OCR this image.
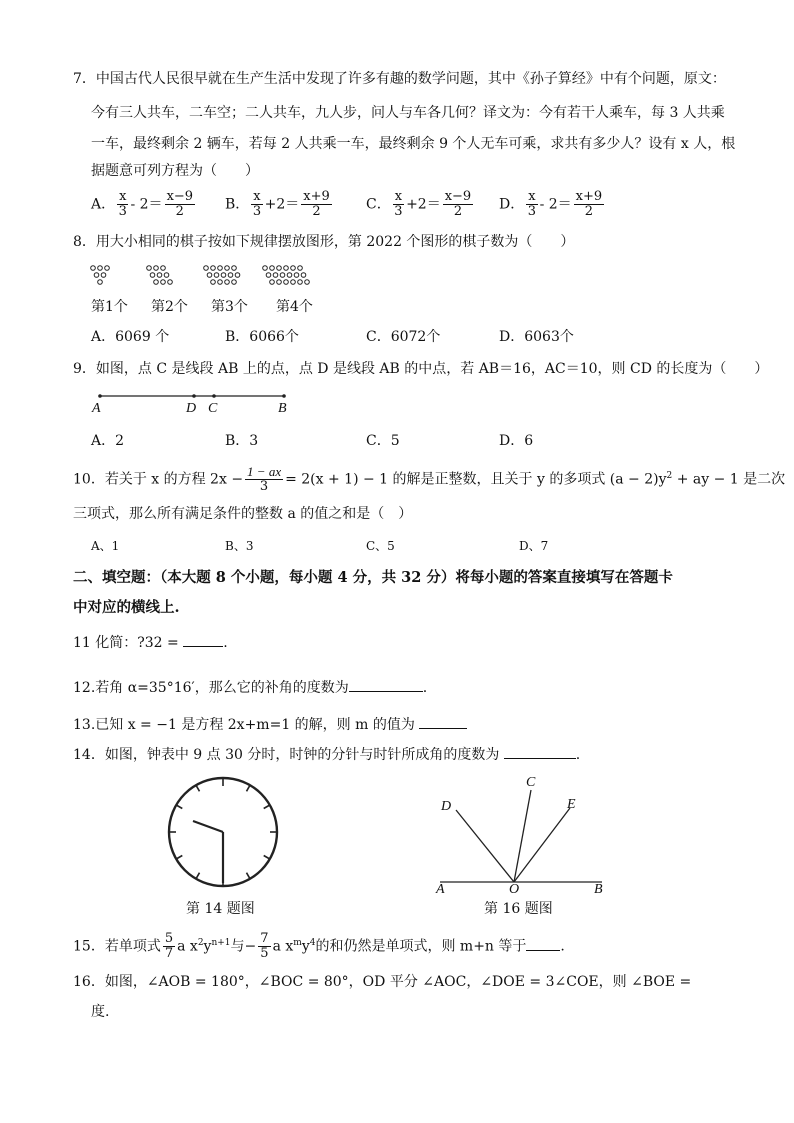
7．中国古代人民很早就在生产生活中发现了许多有趣的数学问题，其中《孙子算经》中有个问题，原文：
今有三人共车，二车空；二人共车，九人步，问人与车各几何？译文为：今有若干人乘车，每 3 人共乘
一车，最终剩余 2 辆车，若每 2 人共乘一车，最终剩余 9 个人无车可乘，求共有多少人？设有 x 人，根
据题意可列方程为（　　）
A． $\frac{x}{3} - 2= \frac{x-9}{2}$ B． $\frac{x}{3} +2= \frac{x+9}{2}$ C． $\frac{x}{3} +2= \frac{x-9}{2}$ D． $\frac{x}{3} - 2= \frac{x+9}{2}$
8．用大小相同的棋子按如下规律摆放图形，第 2022 个图形的棋子数为（　　）
第1个 第2个 第3个 第4个
A．6069 个	B．6066个	C．6072个	D．6063个
9．如图，点 C 是线段 AB 上的点，点 D 是线段 AB 的中点，若 AB＝16，AC＝10，则 CD 的长度为（　　）
A	D C	B
A．2	B．3	C．5	D．6
10．若关于 x 的方程 $2x - \frac{1 - ax}{3} = 2(x + 1) - 1$ 的解是正整数，且关于 y 的多项式 $(a - 2)y^2$ + ay − 1 是二次
三项式，那么所有满足条件的整数 a 的值之和是（　）
A、1	B、3	C、5	D、7
二、填空题：（本大题 8 个小题，每小题 4 分，共 32 分）将每小题的答案直接填写在答题卡
中对应的横线上.
11 化简：?32 =	.
12.若角 α=35°16′，那么它的补角的度数为	.
13.已知 x = −1 是方程 2x+m=1 的解，则 m 的值为
14．如图，钟表中 9 点 30 分时，时钟的分针与时针所成角的度数为	.
第 14 题图
C
D	E
A	O	B
第 16 题图
15．若单项式 $\frac{5}{7}$ a $x^2y^{n+1}$与− $\frac{7}{5}$ a $x^my^4$的和仍然是单项式，则 m+n 等于 .
16．如图，∠AOB = 180°，∠BOC = 80°，OD 平分 ∠AOC，∠DOE = 3∠COE，则 ∠BOE =
度.
